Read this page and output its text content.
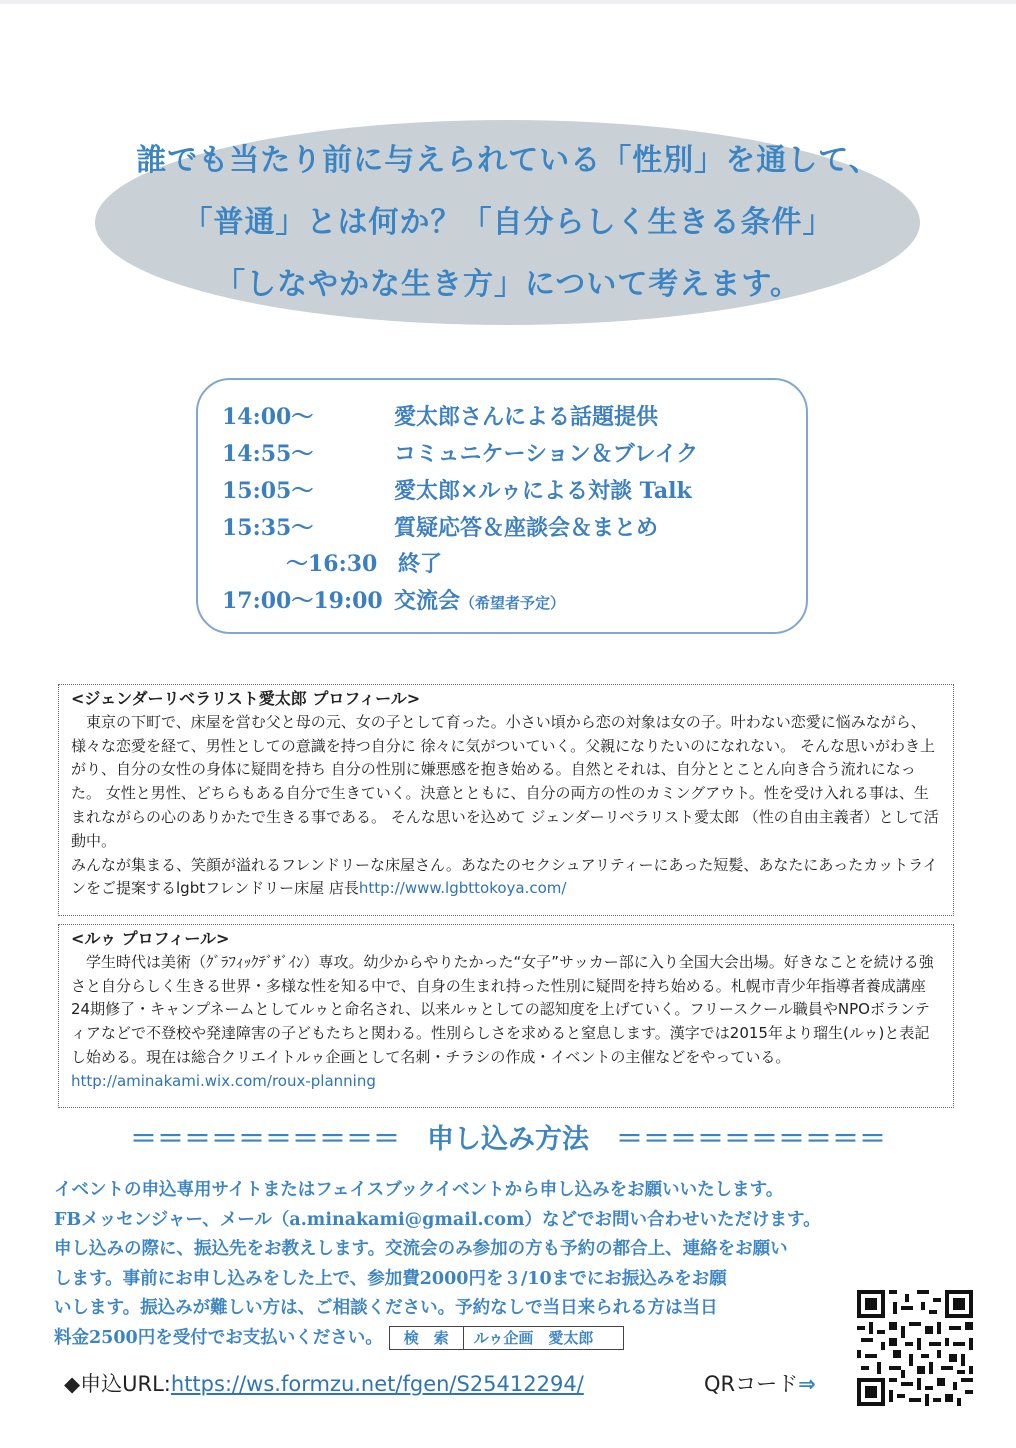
誰でも当たり前に与えられている「性別」を通して、
「普通」とは何か？「自分らしく生きる条件」
「しなやかな生き方」について考えます。
14:00～	愛太郎さんによる話題提供
14:55～	コミュニケーション＆ブレイク
15:05～	愛太郎×ルゥによる対談 Talk
15:35～	質疑応答＆座談会＆まとめ
～16:30 終了
17:00～19:00 交流会（希望者予定）
<ジェンダーリベラリスト愛太郎 プロフィール>
　東京の下町で、床屋を営む父と母の元、女の子として育った。小さい頃から恋の対象は女の子。叶わない恋愛に悩みながら、様々な恋愛を経て、男性としての意識を持つ自分に 徐々に気がついていく。父親になりたいのになれない。 そんな思いがわき上がり、自分の女性の身体に疑問を持ち 自分の性別に嫌悪感を抱き始める。自然とそれは、自分ととことん向き合う流れになった。 女性と男性、どちらもある自分で生きていく。決意とともに、自分の両方の性のカミングアウト。性を受け入れる事は、生まれながらの心のありかたで生きる事である。 そんな思いを込めて ジェンダーリベラリスト愛太郎 （性の自由主義者）として活動中。
みんなが集まる、笑顔が溢れるフレンドリーな床屋さん。あなたのセクシュアリティーにあった短髪、あなたにあったカットラインをご提案するlgbtフレンドリー床屋 店長http://www.lgbttokoya.com/
<ルゥ プロフィール>
　学生時代は美術（ｸﾞﾗﾌｨｯｸﾃﾞｻﾞｲﾝ）専攻。幼少からやりたかった“女子”サッカー部に入り全国大会出場。好きなことを続ける強さと自分らしく生きる世界・多様な性を知る中で、自身の生まれ持った性別に疑問を持ち始める。札幌市青少年指導者養成講座24期修了・キャンプネームとしてルゥと命名され、以来ルゥとしての認知度を上げていく。フリースクール職員やNPOボランティアなどで不登校や発達障害の子どもたちと関わる。性別らしさを求めると窒息します。漢字では2015年より瑠生(ルゥ)と表記し始める。現在は総合クリエイトルゥ企画として名刺・チラシの作成・イベントの主催などをやっている。 http://aminakami.wix.com/roux-planning
＝＝＝＝＝＝＝＝＝＝　申し込み方法　＝＝＝＝＝＝＝＝＝＝
イベントの申込専用サイトまたはフェイスブックイベントから申し込みをお願いいたします。
FBメッセンジャー、メール（a.minakami@gmail.com）などでお問い合わせいただけます。
申し込みの際に、振込先をお教えします。交流会のみ参加の方も予約の都合上、連絡をお願い
します。事前にお申し込みをした上で、参加費2000円を３/10までにお振込みをお願
いします。振込みが難しい方は、ご相談ください。予約なしで当日来られる方は当日
料金2500円を受付でお支払いください。 検　索 ルゥ企画　愛太郎
◆申込URL:https://ws.formzu.net/fgen/S25412294/	QRコード⇒
